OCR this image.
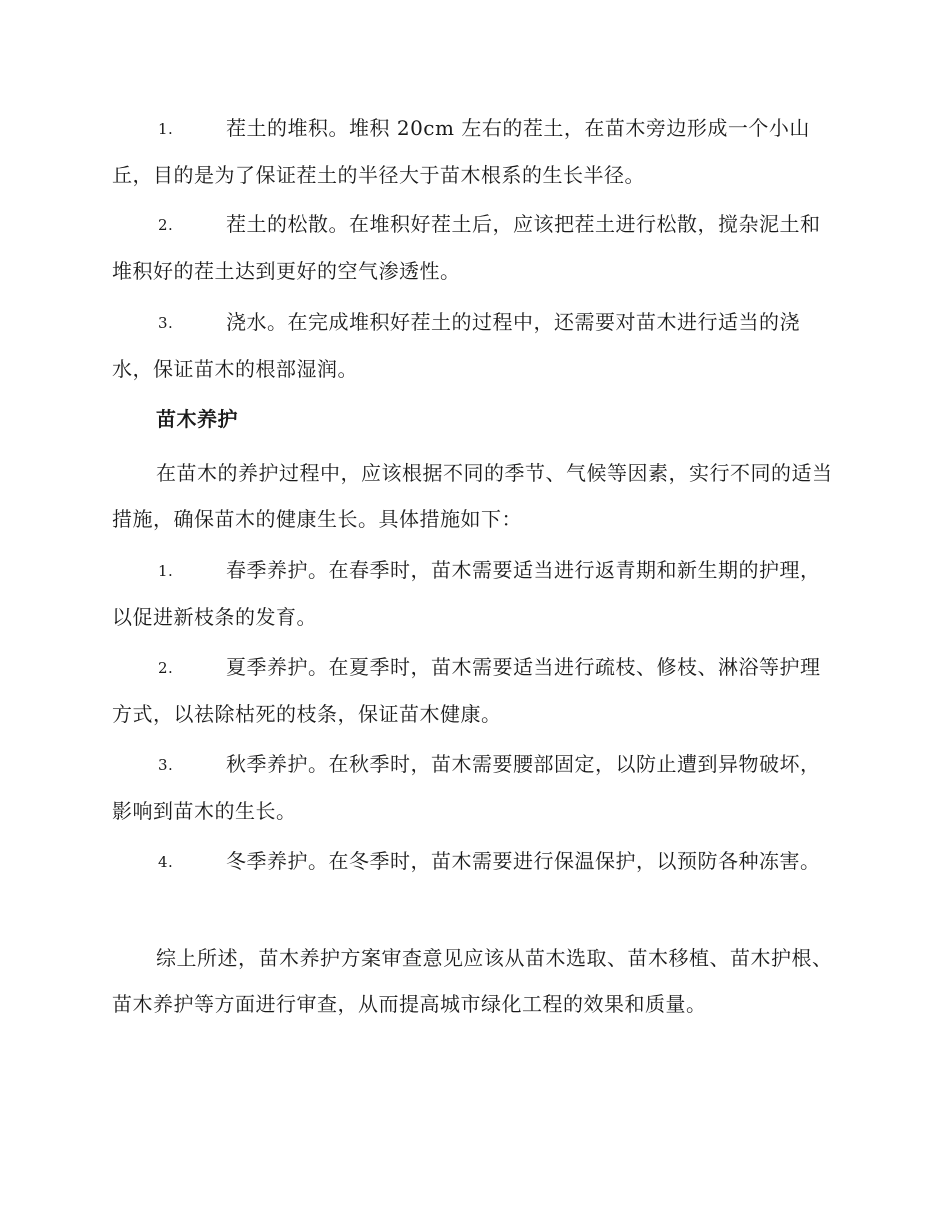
1.	茬土的堆积。堆积 20cm 左右的茬土，在苗木旁边形成一个小山丘，目的是为了保证茬土的半径大于苗木根系的生长半径。
2.	茬土的松散。在堆积好茬土后，应该把茬土进行松散，搅杂泥土和堆积好的茬土达到更好的空气渗透性。
3.	浇水。在完成堆积好茬土的过程中，还需要对苗木进行适当的浇水，保证苗木的根部湿润。
苗木养护
在苗木的养护过程中，应该根据不同的季节、气候等因素，实行不同的适当措施，确保苗木的健康生长。具体措施如下：
1.	春季养护。在春季时，苗木需要适当进行返青期和新生期的护理，以促进新枝条的发育。
2.	夏季养护。在夏季时，苗木需要适当进行疏枝、修枝、淋浴等护理方式，以祛除枯死的枝条，保证苗木健康。
3.	秋季养护。在秋季时，苗木需要腰部固定，以防止遭到异物破坏，影响到苗木的生长。
4.	冬季养护。在冬季时，苗木需要进行保温保护，以预防各种冻害。
综上所述，苗木养护方案审查意见应该从苗木选取、苗木移植、苗木护根、苗木养护等方面进行审查，从而提高城市绿化工程的效果和质量。
